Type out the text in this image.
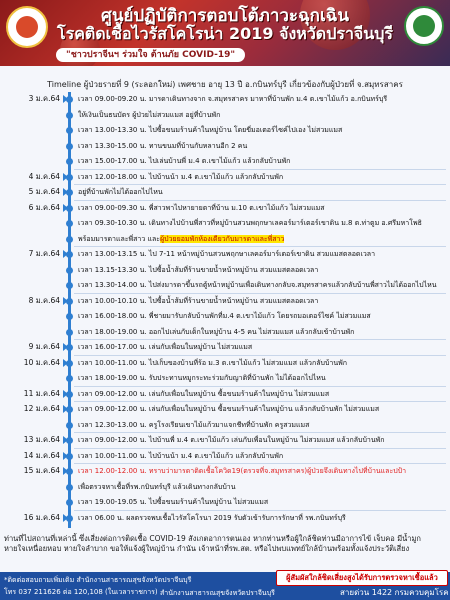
ศูนย์ปฏิบัติการตอบโต้ภาวะฉุกเฉิน
โรคติดเชื้อไวรัสโคโรน่า 2019 จังหวัดปราจีนบุรี
"ชาวปราจีนฯ ร่วมใจ ต้านภัย COVID-19"
Timeline ผู้ป่วยรายที่ 9 (ระลอกใหม่) เพศชาย อายุ 13 ปี อ.กบินทร์บุรี เกี่ยวข้องกับผู้ป่วยที่ จ.สมุทรสาคร
3 ม.ค.64	เวลา 09.00-09.20 น. มารดาเดินทางจาก จ.สมุทรสาคร มาหาที่บ้านพัก ม.4 ต.เขาไม้แก้ว อ.กบินทร์บุรี
ให้เงินเป็นธนบัตร ผู้ป่วยไม่สวมแมส อยู่ที่บ้านพัก
เวลา 13.00-13.30 น. ไปซื้อขนมร้านค้าในหมู่บ้าน โดยขี่มอเตอร์ไซค์ไปเอง ไม่สวมแมส
เวลา 13.30-15.00 น. ทานขนมที่บ้านกับหลานอีก 2 คน
เวลา 15.00-17.00 น. ไปเล่นบ้านพี่ ม.4 ต.เขาไม้แก้ว แล้วกลับบ้านพัก
4 ม.ค.64	เวลา 12.00-18.00 น. ไปบ้านน้า ม.4 ต.เขาไม้แก้ว แล้วกลับบ้านพัก
5 ม.ค.64	อยู่ที่บ้านพักไม่ได้ออกไปไหน
6 ม.ค.64	เวลา 09.00-09.30 น. พี่สาวพาไปหายายตาที่บ้าน ม.10 ต.เขาไม้แก้ว ไม่สวมแมส
เวลา 09.30-10.30 น. เดินทางไปบ้านพี่สาวที่หมู่บ้านสวนพฤกษาเลคอร์มาร์เตอร์เขาดิน ม.8 ต.ท่าตูม อ.ศรีมหาโพธิ
พร้อมมารดาและพี่สาว และผู้ป่วยยอมพักห้องเดียวกับมารดาและพี่สาว
7 ม.ค.64	เวลา 13.00-13.15 น. ไป 7-11 หน้าหมู่บ้านสวนพฤกษาเลคอร์มาร์เตอร์เขาดิน สวมแมสตลอดเวลา
เวลา 13.15-13.30 น. ไปซื้อน้ำส้มที่ร้านขายน้ำหน้าหมู่บ้าน สวมแมสตลอดเวลา
เวลา 13.30-14.00 น. ไปส่งมารดาขึ้นรถตู้หน้าหมู่บ้านเพื่อเดินทางกลับจ.สมุทรสาครแล้วกลับบ้านพี่สาวไม่ได้ออกไปไหน
8 ม.ค.64	เวลา 10.00-10.10 น. ไปซื้อน้ำส้มที่ร้านขายน้ำหน้าหมู่บ้าน สวมแมสตลอดเวลา
เวลา 16.00-18.00 น. พี่ชายมารับกลับบ้านพักที่ม.4 ต.เขาไม้แก้ว โดยรถมอเตอร์ไซค์ ไม่สวมแมส
เวลา 18.00-19.00 น. ออกไปเล่นกับเด็กในหมู่บ้าน 4-5 คน ไม่สวมแมส แล้วกลับเข้าบ้านพัก
9 ม.ค.64	เวลา 16.00-17.00 น. เล่นกับเพื่อนในหมู่บ้าน ไม่สวมแมส
10 ม.ค.64	เวลา 10.00-11.00 น. ไปเก็บของบ้านที่ร้อ ม.3 ต.เขาไม้แก้ว ไม่สวมแมส แล้วกลับบ้านพัก
เวลา 18.00-19.00 น. รับประทานหมูกระทะร่วมกับญาติที่บ้านพัก ไม่ได้ออกไปไหน
11 ม.ค.64	เวลา 09.00-12.00 น. เล่นกับเพื่อนในหมู่บ้าน ซื้อขนมร้านค้าในหมู่บ้าน ไม่สวมแมส
12 ม.ค.64	เวลา 09.00-12.00 น. เล่นกับเพื่อนในหมู่บ้าน ซื้อขนมร้านค้าในหมู่บ้าน แล้วกลับบ้านพัก ไม่สวมแมส
เวลา 12.30-13.00 น. ครูโรงเรียนเขาไม้แก้วมาแจกชีทที่บ้านพัก ครูสวมแมส
13 ม.ค.64	เวลา 09.00-12.00 น. ไปบ้านพี่ ม.4 ต.เขาไม้แก้ว เล่นกับเพื่อนในหมู่บ้าน ไม่สวมแมส แล้วกลับบ้านพัก
14 ม.ค.64	เวลา 10.00-11.00 น. ไปบ้านน้า ม.4 ต.เขาไม้แก้ว แล้วกลับบ้านพัก
15 ม.ค.64	เวลา 12.00-12.00 น. ทราบว่ามารดาติดเชื้อโควิด19(ตรวจที่จ.สมุทรสาคร)ผู้ป่วยจึงเดินทางไปที่บ้านและปป้า
เพื่อตรวจหาเชื้อที่รพ.กบินทร์บุรี แล้วเดินทางกลับบ้าน
เวลา 19.00-19.05 น. ไปซื้อขนมร้านค้าในหมู่บ้าน ไม่สวมแมส
16 ม.ค.64	เวลา 06.00 น. ผลตรวจพบเชื้อไวรัสโคโรนา 2019 รับตัวเข้ารับการรักษาที่ รพ.กบินทร์บุรี
ท่านที่ไปสถานที่เหล่านี้ ซึ่งเสี่ยงต่อการติดเชื้อ COVID-19 สังเกตอาการตนเอง หากท่านหรือผู้ใกล้ชิดท่านมีอาการไข้ เจ็บคอ มีน้ำมูก หายใจเหนื่อยหอบ หายใจลำบาก ขอให้แจ้งผู้ใหญ่บ้าน กำนัน เจ้าหน้าที่รพ.สต. หรือไปพบแพทย์ใกล้บ้านพร้อมทั้งแจ้งประวัติเสี่ยง
*ติดต่อสอบถามเพิ่มเติม สำนักงานสาธารณสุขจังหวัดปราจีนบุรี
โทร 037 211626 ต่อ 120,108 (ในเวลาราชการ) สำนักงานสาธารณสุขจังหวัดปราจีนบุรี	สายด่วน 1422 กรมควบคุมโรค
ผู้สัมผัสใกล้ชิดเสี่ยงสูงได้รับการตรวจหาเชื้อแล้ว
